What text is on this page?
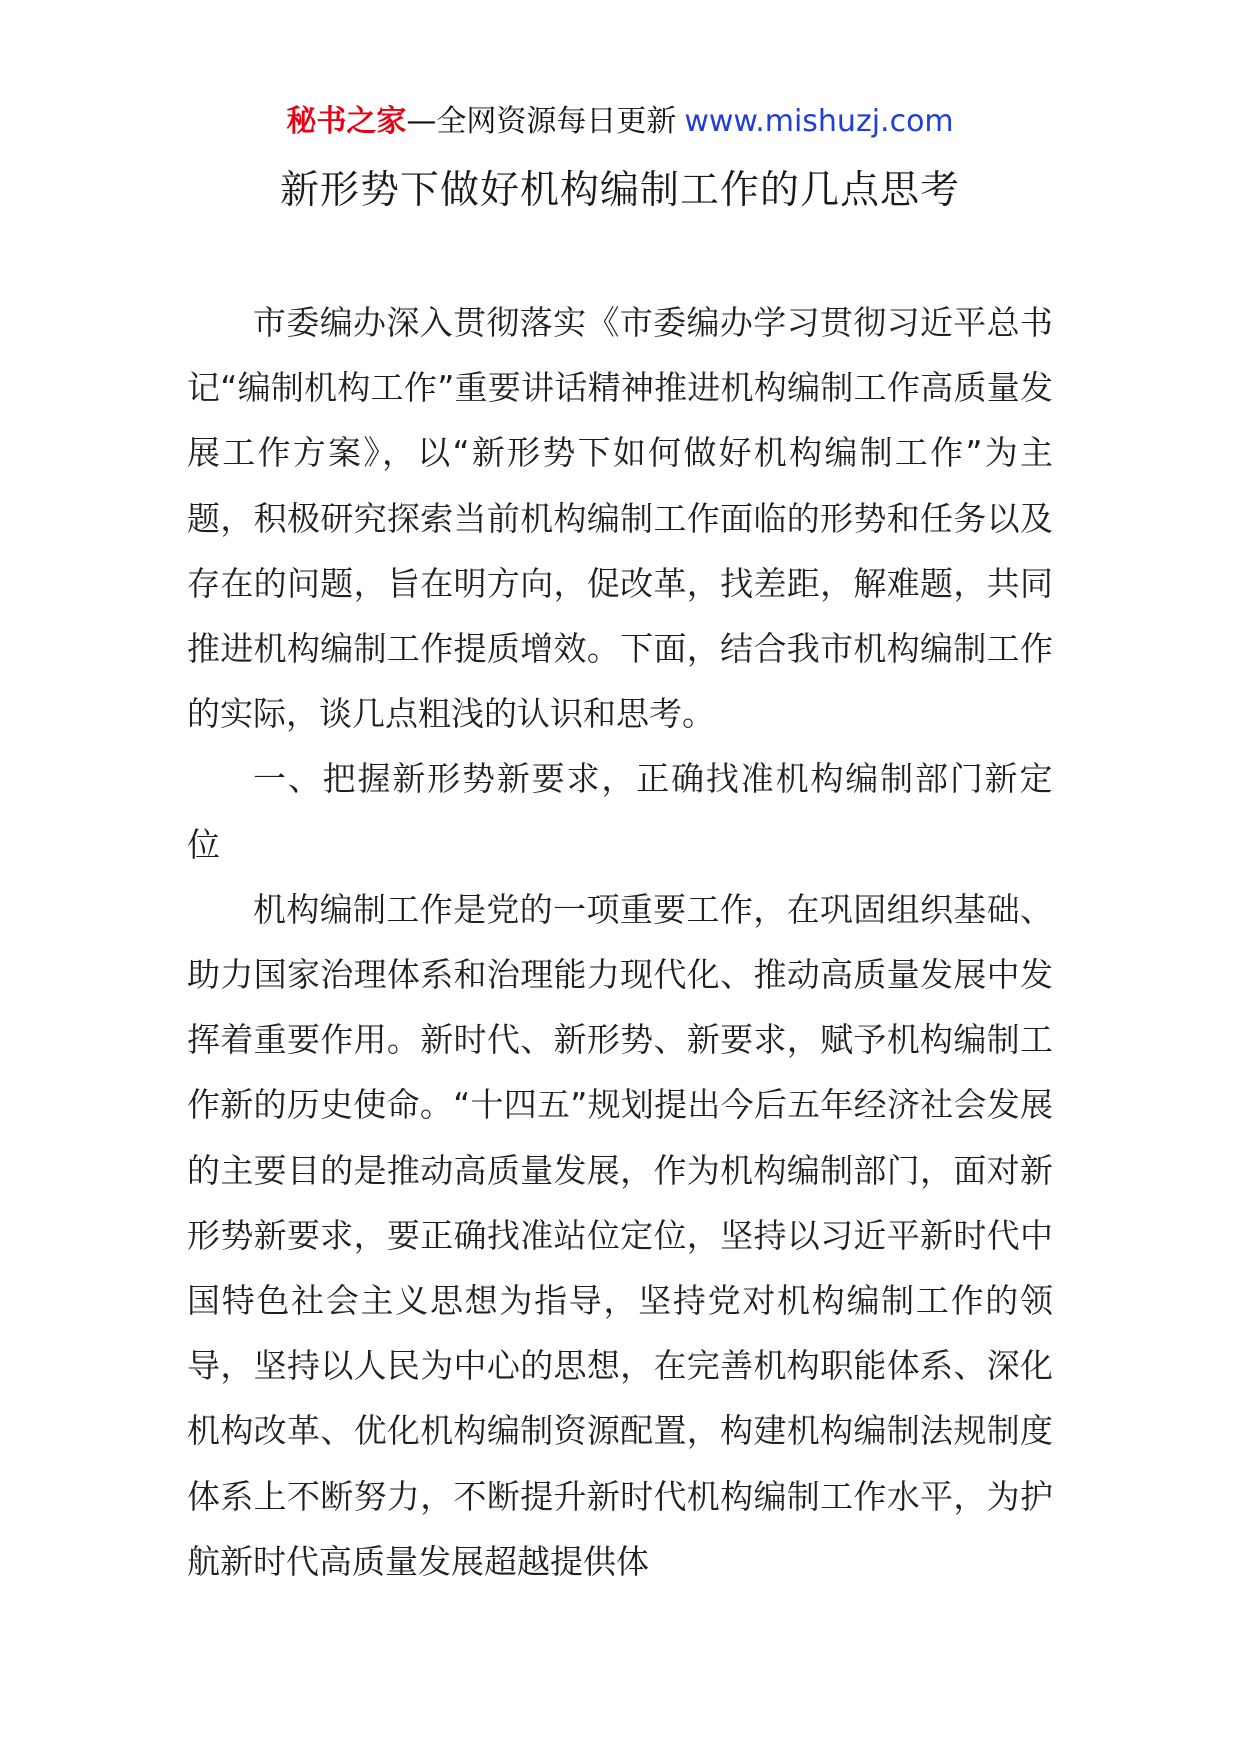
秘书之家—全网资源每日更新 www.mishuzj.com
新形势下做好机构编制工作的几点思考

市委编办深入贯彻落实《市委编办学习贯彻习近平总书记“编制机构工作”重要讲话精神推进机构编制工作高质量发展工作方案》，以“新形势下如何做好机构编制工作”为主题，积极研究探索当前机构编制工作面临的形势和任务以及存在的问题，旨在明方向，促改革，找差距，解难题，共同推进机构编制工作提质增效。下面，结合我市机构编制工作的实际，谈几点粗浅的认识和思考。

一、把握新形势新要求，正确找准机构编制部门新定位

机构编制工作是党的一项重要工作，在巩固组织基础、助力国家治理体系和治理能力现代化、推动高质量发展中发挥着重要作用。新时代、新形势、新要求，赋予机构编制工作新的历史使命。“十四五”规划提出今后五年经济社会发展的主要目的是推动高质量发展，作为机构编制部门，面对新形势新要求，要正确找准站位定位，坚持以习近平新时代中国特色社会主义思想为指导，坚持党对机构编制工作的领导，坚持以人民为中心的思想，在完善机构职能体系、深化机构改革、优化机构编制资源配置，构建机构编制法规制度体系上不断努力，不断提升新时代机构编制工作水平，为护航新时代高质量发展超越提供体
